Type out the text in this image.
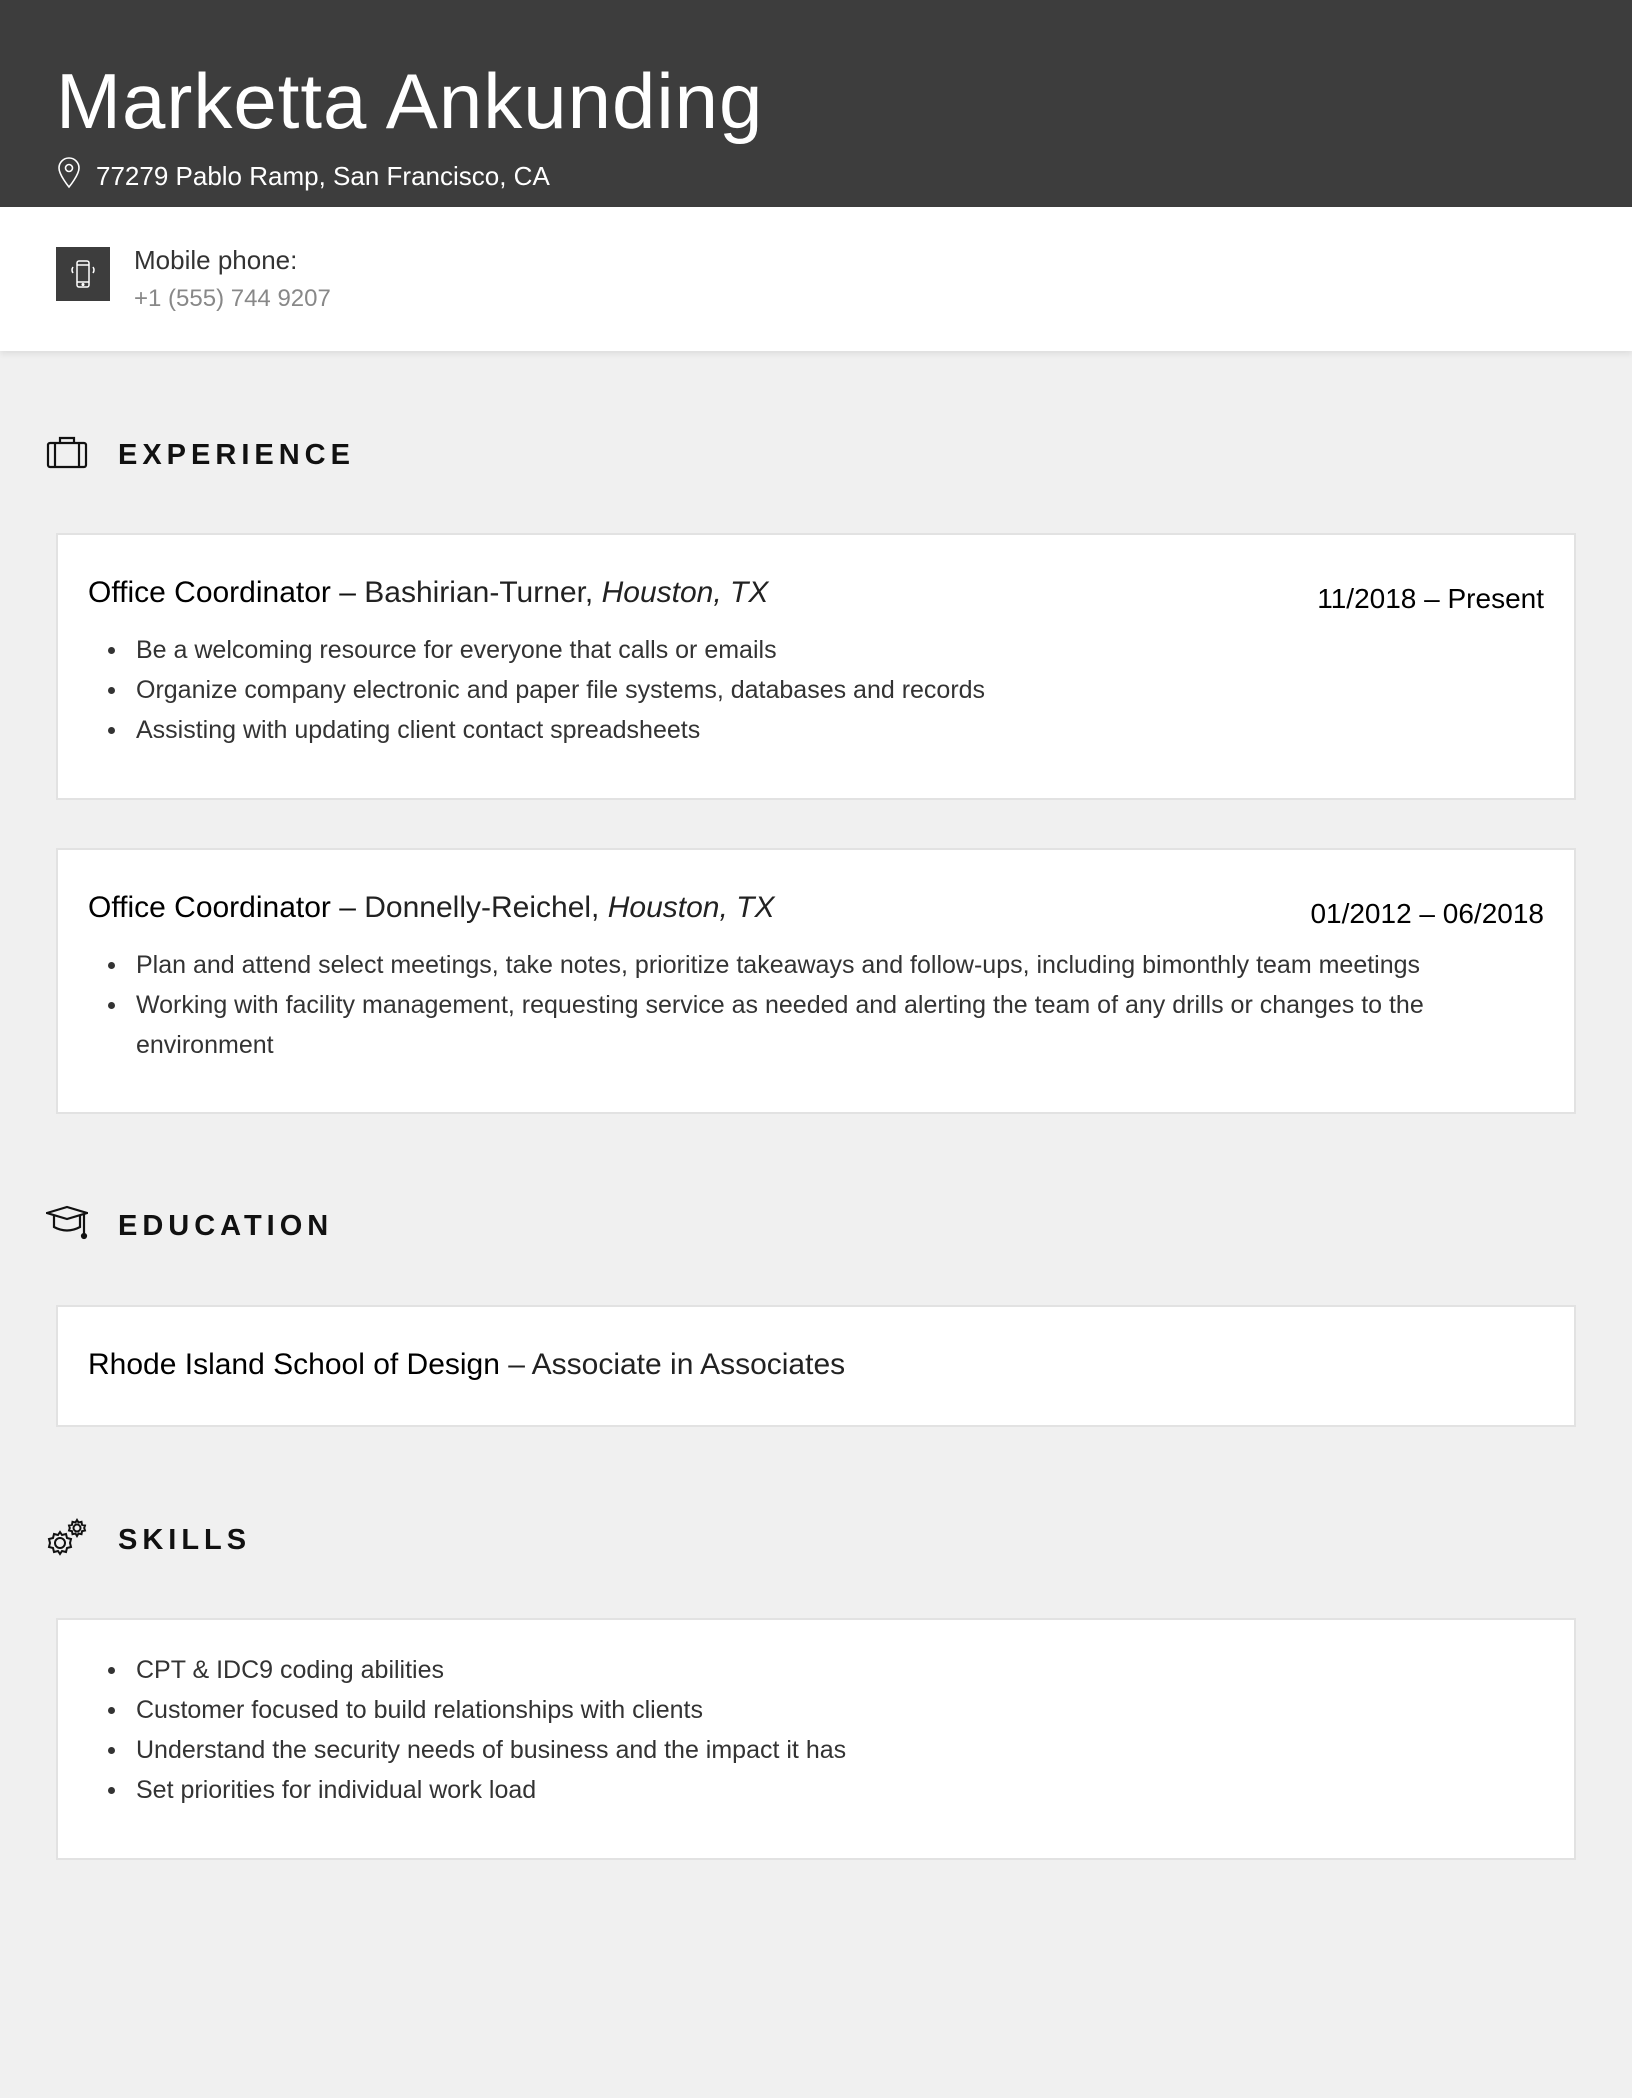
Marketta Ankunding
77279 Pablo Ramp, San Francisco, CA
Mobile phone:
+1 (555) 744 9207
EXPERIENCE
Office Coordinator – Bashirian-Turner, Houston, TX	11/2018 – Present
Be a welcoming resource for everyone that calls or emails
Organize company electronic and paper file systems, databases and records
Assisting with updating client contact spreadsheets
Office Coordinator – Donnelly-Reichel, Houston, TX	01/2012 – 06/2018
Plan and attend select meetings, take notes, prioritize takeaways and follow-ups, including bimonthly team meetings
Working with facility management, requesting service as needed and alerting the team of any drills or changes to the environment
EDUCATION
Rhode Island School of Design – Associate in Associates
SKILLS
CPT & IDC9 coding abilities
Customer focused to build relationships with clients
Understand the security needs of business and the impact it has
Set priorities for individual work load
